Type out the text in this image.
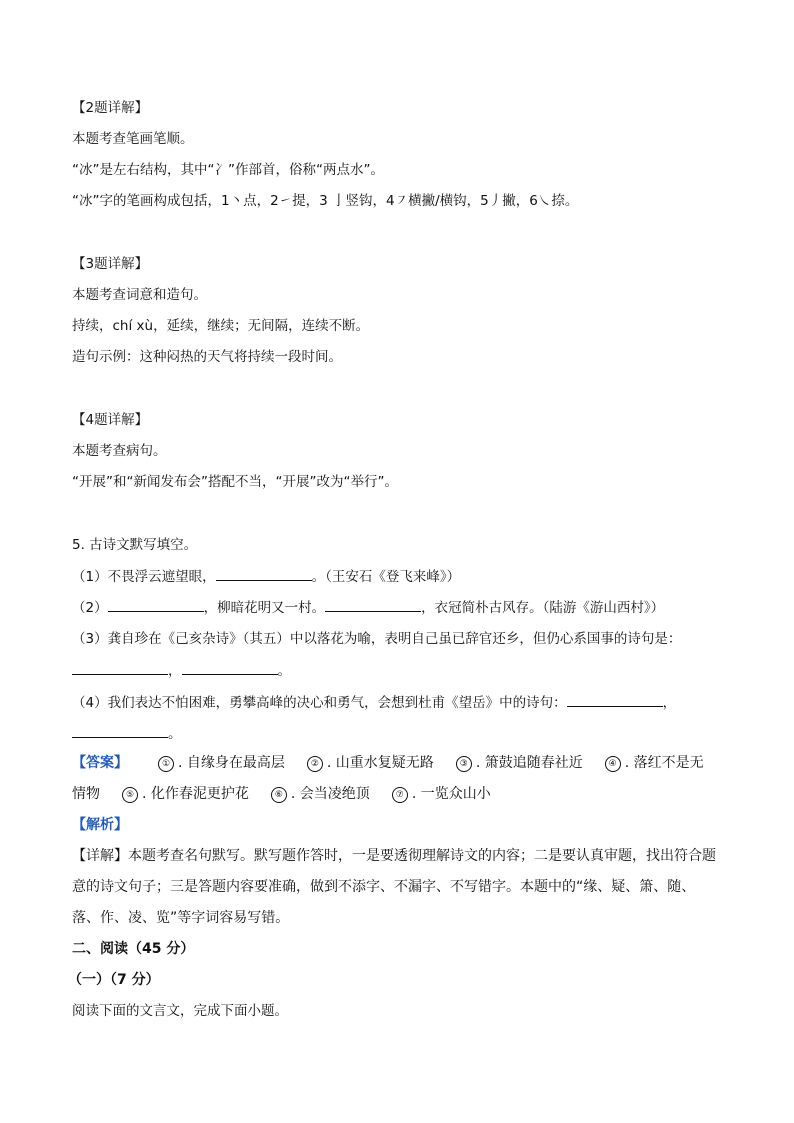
【2题详解】
本题考查笔画笔顺。
“冰”是左右结构，其中“冫”作部首，俗称“两点水”。
“冰”字的笔画构成包括，1丶点，2㇀提，3 亅竖钩，4㇇横撇/横钩，5丿撇，6㇏捺。
【3题详解】
本题考查词意和造句。
持续，chí xù，延续，继续；无间隔，连续不断。
造句示例：这种闷热的天气将持续一段时间。
【4题详解】
本题考查病句。
“开展”和“新闻发布会”搭配不当，“开展”改为“举行”。
5. 古诗文默写填空。
（1）不畏浮云遮望眼，	。（王安石《登飞来峰》）
（2）	，柳暗花明又一村。	，衣冠简朴古风存。（陆游《游山西村》）
（3）龚自珍在《己亥杂诗》（其五）中以落花为喻，表明自己虽已辞官还乡，但仍心系国事的诗句是：
，	。
（4）我们表达不怕困难，勇攀高峰的决心和勇气，会想到杜甫《望岳》中的诗句：	，
。
【答案】	① . 自缘身在最高层	② . 山重水复疑无路	③ . 箫鼓追随春社近	④ . 落红不是无
情物	⑤ . 化作春泥更护花	⑥ . 会当凌绝顶	⑦ . 一览众山小
【解析】
【详解】本题考查名句默写。默写题作答时，一是要透彻理解诗文的内容；二是要认真审题，找出符合题
意的诗文句子；三是答题内容要准确，做到不添字、不漏字、不写错字。本题中的“缘、疑、箫、随、
落、作、凌、览”等字词容易写错。
二、阅读（45 分）
（一）（7 分）
阅读下面的文言文，完成下面小题。
